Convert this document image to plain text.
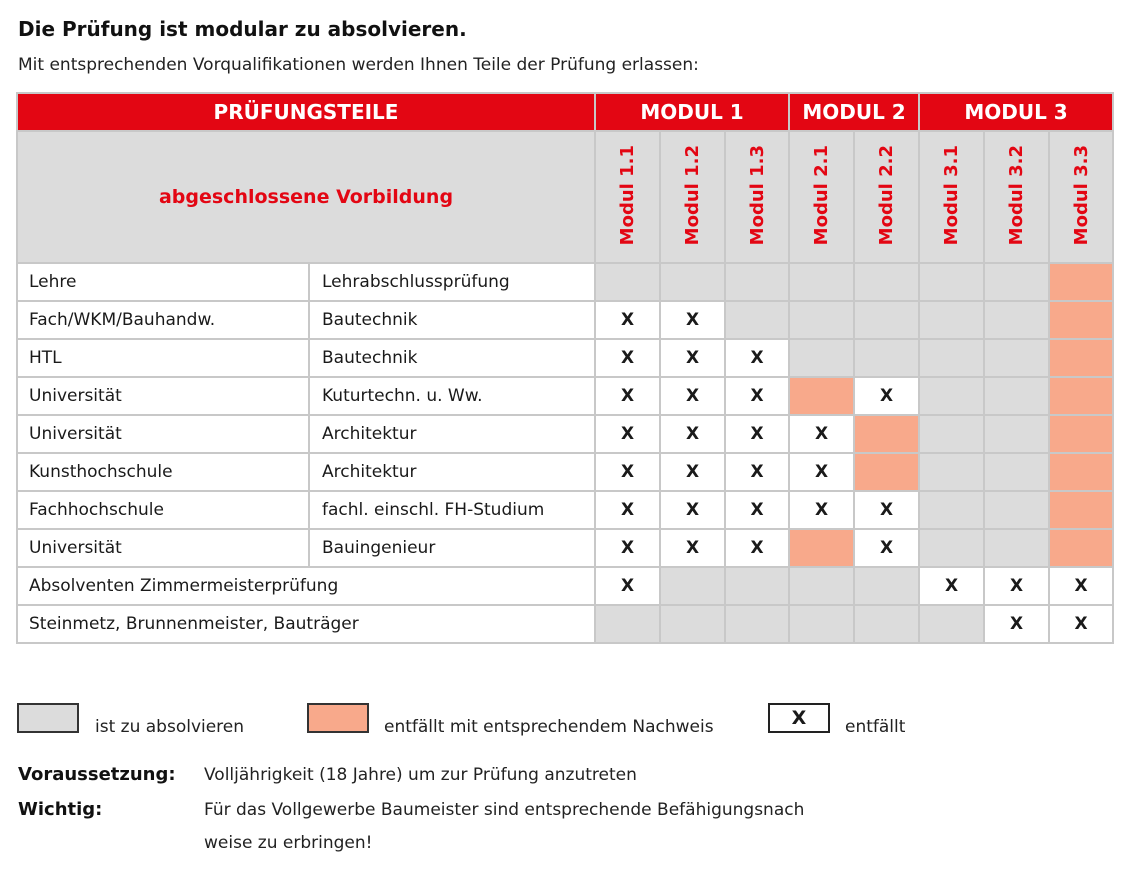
Die Prüfung ist modular zu absolvieren.
Mit entsprechenden Vorqualifikationen werden Ihnen Teile der Prüfung erlassen:
PRÜFUNGSTEILE		MODUL 1			MODUL 2		MODUL 3		
abgeschlossene Vorbildung		Modul 1.1	Modul 1.2	Modul 1.3	Modul 2.1	Modul 2.2	Modul 3.1	Modul 3.2	Modul 3.3
Lehre	Lehrabschlussprüfung								
Fach/WKM/Bauhandw.	Bautechnik	X	X						
HTL	Bautechnik	X	X	X					
Universität	Kuturtechn. u. Ww.	X	X	X		X			
Universität	Architektur	X	X	X	X				
Kunsthochschule	Architektur	X	X	X	X				
Fachhochschule	fachl. einschl. FH-Studium	X	X	X	X	X			
Universität	Bauingenieur	X	X	X		X			
Absolventen Zimmermeisterprüfung		X					X	X	X
Steinmetz, Brunnenmeister, Bauträger								X	X
ist zu absolvieren	entfällt mit entsprechendem Nachweis	X	entfällt
Voraussetzung: Volljährigkeit (18 Jahre) um zur Prüfung anzutreten
Wichtig:	Für das Vollgewerbe Baumeister sind entsprechende Befähigungsnach
weise zu erbringen!
